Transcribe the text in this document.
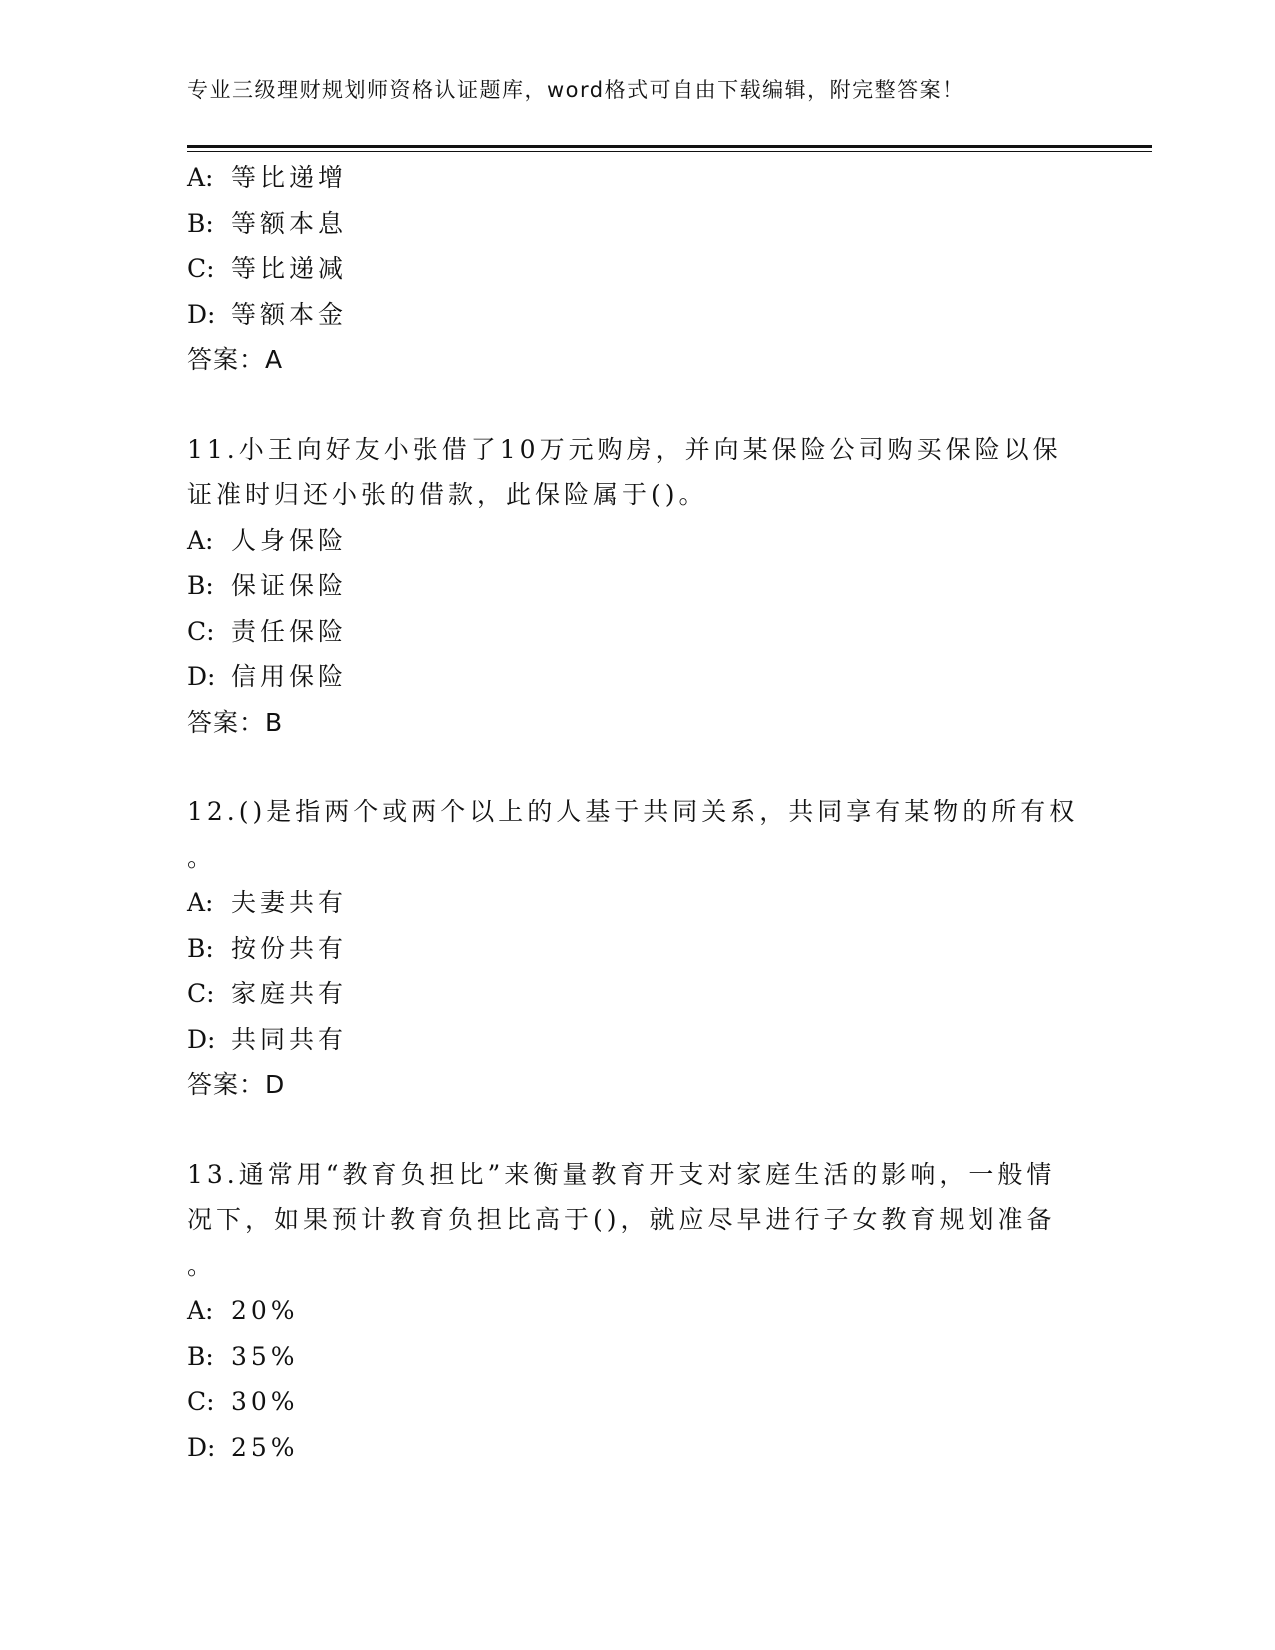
专业三级理财规划师资格认证题库，word格式可自由下载编辑，附完整答案！
A: 等比递增
B: 等额本息
C: 等比递减
D: 等额本金
答案：A
11.小王向好友小张借了10万元购房，并向某保险公司购买保险以保
证准时归还小张的借款，此保险属于()。
A: 人身保险
B: 保证保险
C: 责任保险
D: 信用保险
答案：B
12.()是指两个或两个以上的人基于共同关系，共同享有某物的所有权
。
A: 夫妻共有
B: 按份共有
C: 家庭共有
D: 共同共有
答案：D
13.通常用“教育负担比”来衡量教育开支对家庭生活的影响，一般情
况下，如果预计教育负担比高于()，就应尽早进行子女教育规划准备
。
A: 20%
B: 35%
C: 30%
D: 25%
